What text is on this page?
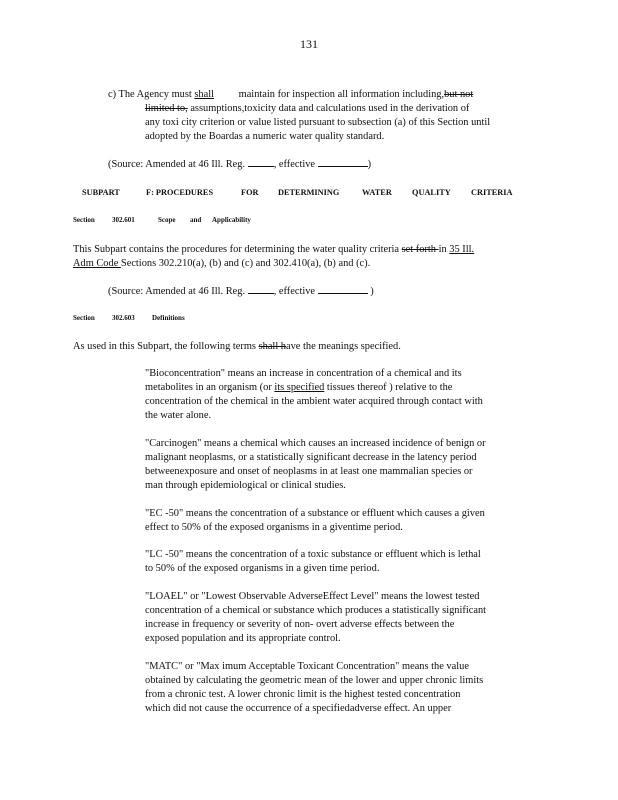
131
c) The Agency must shall maintain for inspection all information including,but not
limited to, assumptions,toxicity data and calculations used in the derivation of
any toxi city criterion or value listed pursuant to subsection (a) of this Section until
adopted by the Boardas a numeric water quality standard.
(Source: Amended at 46 Ill. Reg.	, effective	)
SUBPART	F: PROCEDURES	FOR DETERMINING	WATER QUALITY CRITERIA
Section 302.601	Scope and Applicability
This Subpart contains the procedures for determining the water quality criteria set forth in 35 Ill.
Adm Code Sections 302.210(a), (b) and (c) and 302.410(a), (b) and (c).
(Source: Amended at 46 Ill. Reg.	, effective	)
Section 302.603 Definitions
As used in this Subpart, the following terms shall have the meanings specified.
"Bioconcentration" means an increase in concentration of a chemical and its
metabolites in an organism (or its specified tissues thereof ) relative to the
concentration of the chemical in the ambient water acquired through contact with
the water alone.
"Carcinogen" means a chemical which causes an increased incidence of benign or
malignant neoplasms, or a statistically significant decrease in the latency period
betweenexposure and onset of neoplasms in at least one mammalian species or
man through epidemiological or clinical studies.
"EC -50" means the concentration of a substance or effluent which causes a given
effect to 50% of the exposed organisms in a giventime period.
"LC -50" means the concentration of a toxic substance or effluent which is lethal
to 50% of the exposed organisms in a given time period.
"LOAEL" or "Lowest Observable AdverseEffect Level" means the lowest tested
concentration of a chemical or substance which produces a statistically significant
increase in frequency or severity of non- overt adverse effects between the
exposed population and its appropriate control.
"MATC" or "Max imum Acceptable Toxicant Concentration" means the value
obtained by calculating the geometric mean of the lower and upper chronic limits
from a chronic test. A lower chronic limit is the highest tested concentration
which did not cause the occurrence of a specifiedadverse effect. An upper
